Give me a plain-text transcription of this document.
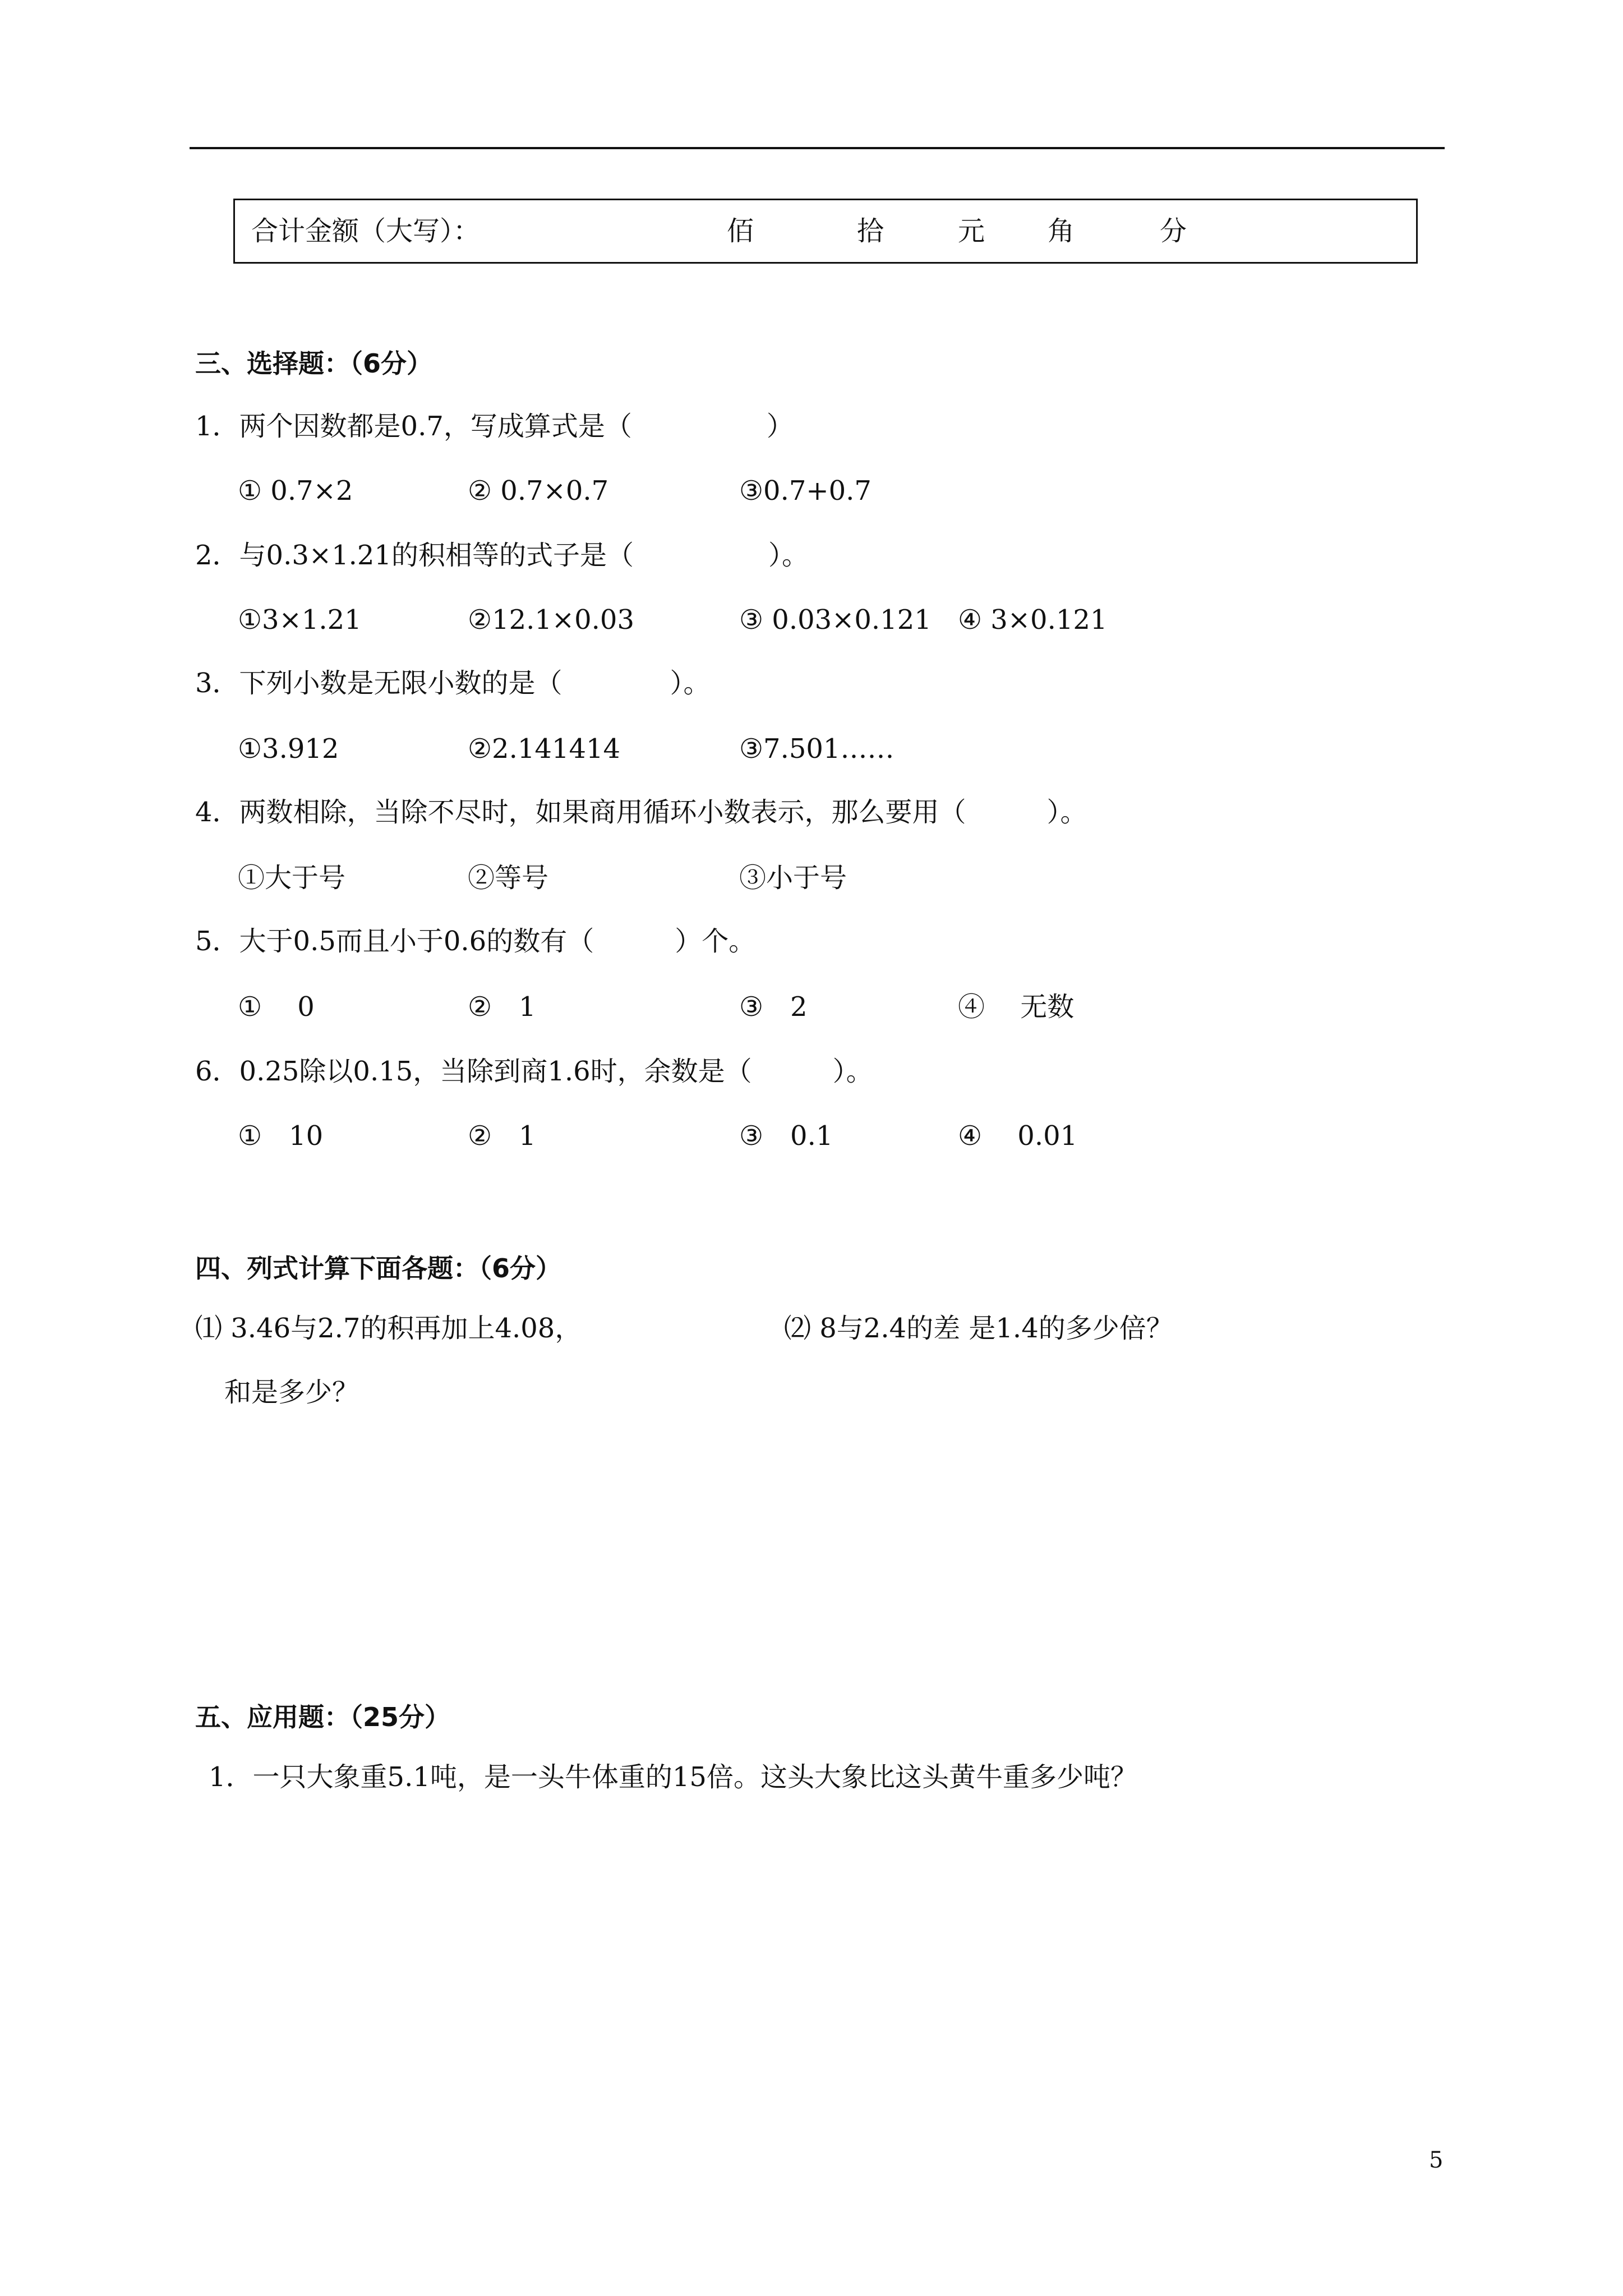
合计金额（大写）：	佰	拾	元 角	分
三、选择题：（6分）
1．两个因数都是0.7，写成算式是（　　　　　）
① 0.7×2	② 0.7×0.7	③0.7+0.7
2．与0.3×1.21的积相等的式子是（　　　　　）。
①3×1.21	②12.1×0.03	③ 0.03×0.121 ④ 3×0.121
3．下列小数是无限小数的是（　　　　）。
①3.912	②2.141414	③7.501……
4．两数相除，当除不尽时，如果商用循环小数表示，那么要用（　　　）。
①大于号	②等号	③小于号
5．大于0.5而且小于0.6的数有（　　　）个。
①　 0	②　1	③　2	④　 无数
6．0.25除以0.15，当除到商1.6时，余数是（　　　）。
①　10	②　1	③　0.1	④　 0.01
四、列式计算下面各题：（6分）
⑴ 3.46与2.7的积再加上4.08，
和是多少？
⑵ 8与2.4的差 是1.4的多少倍？
五、应用题：（25分）
1．一只大象重5.1吨，是一头牛体重的15倍。这头大象比这头黄牛重多少吨？
5
